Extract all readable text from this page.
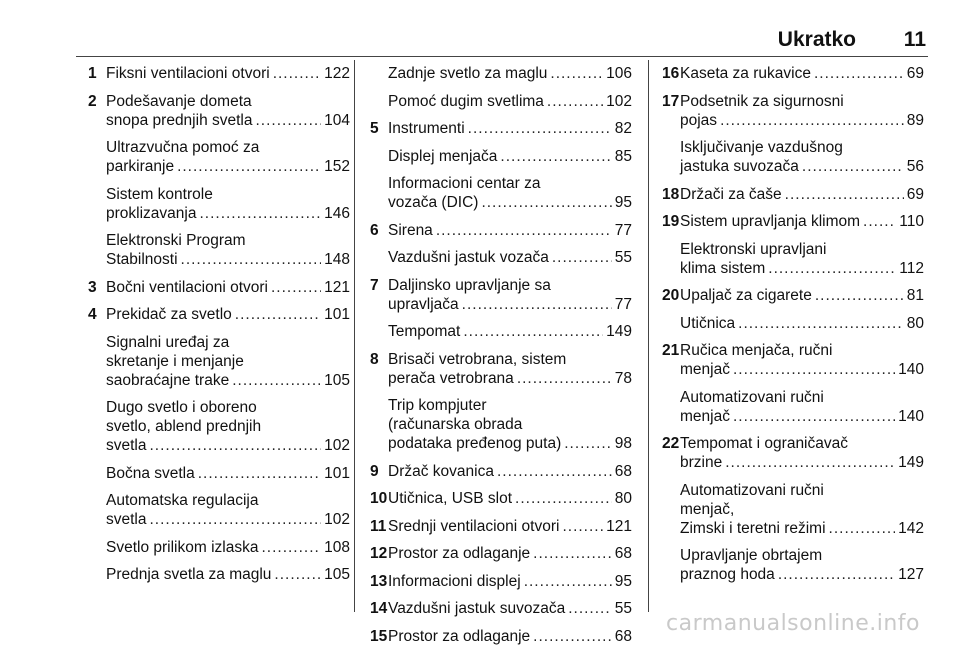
Ukratko 11
1 Fiksni ventilacioni otvori .....	122
2 Podešavanje dometa
snopa prednjih svetla .....	104
Ultrazvučna pomoć za
parkiranje .....	152
Sistem kontrole
proklizavanja .....	146
Elektronski Program
Stabilnosti .....	148
3 Bočni ventilacioni otvori .....	121
4 Prekidač za svetlo .....	101
Signalni uređaj za
skretanje i menjanje
saobraćajne trake .....	105
Dugo svetlo i oboreno
svetlo, ablend prednjih
svetla .....	102
Bočna svetla .....	101
Automatska regulacija
svetla .....	102
Svetlo prilikom izlaska .....	108
Prednja svetla za maglu .....	105
Zadnje svetlo za maglu .....	106
Pomoć dugim svetlima .....	102
5 Instrumenti .....	82
Displej menjača .....	85
Informacioni centar za
vozača (DIC) .....	95
6 Sirena .....	77
Vazdušni jastuk vozača .....	55
7 Daljinsko upravljanje sa
upravljača .....	77
Tempomat .....	149
8 Brisači vetrobrana, sistem
perača vetrobrana .....	78
Trip kompjuter
(računarska obrada
podataka pređenog puta) .....	98
9 Držač kovanica .....	68
10 Utičnica, USB slot .....	80
11 Srednji ventilacioni otvori .....	121
12 Prostor za odlaganje .....	68
13 Informacioni displej .....	95
14 Vazdušni jastuk suvozača .....	55
15 Prostor za odlaganje .....	68
16 Kaseta za rukavice .....	69
17 Podsetnik za sigurnosni
pojas .....	89
Isključivanje vazdušnog
jastuka suvozača .....	56
18 Držači za čaše .....	69
19 Sistem upravljanja klimom .....	110
Elektronski upravljani
klima sistem .....	112
20 Upaljač za cigarete .....	81
Utičnica .....	80
21 Ručica menjača, ručni
menjač .....	140
Automatizovani ručni
menjač .....	140
22 Tempomat i ograničavač
brzine .....	149
Automatizovani ručni
menjač,
Zimski i teretni režimi .....	142
Upravljanje obrtajem
praznog hoda .....	127
carmanualsonline.info
